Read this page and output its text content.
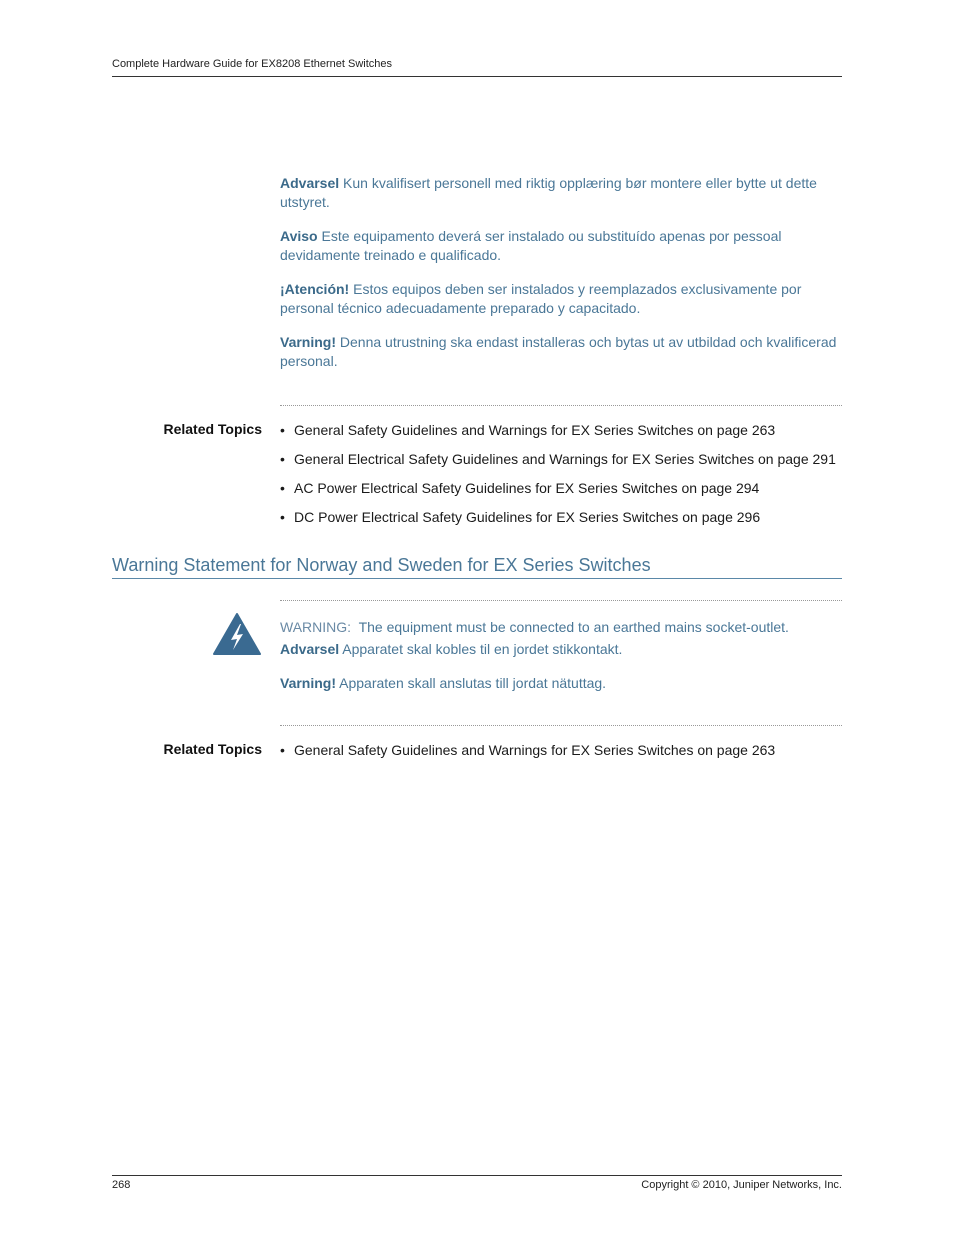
Complete Hardware Guide for EX8208 Ethernet Switches

Advarsel Kun kvalifisert personell med riktig opplæring bør montere eller bytte ut dette utstyret.

Aviso Este equipamento deverá ser instalado ou substituído apenas por pessoal devidamente treinado e qualificado.

¡Atención! Estos equipos deben ser instalados y reemplazados exclusivamente por personal técnico adecuadamente preparado y capacitado.

Varning! Denna utrustning ska endast installeras och bytas ut av utbildad och kvalificerad personal.

Related Topics • General Safety Guidelines and Warnings for EX Series Switches on page 263
• General Electrical Safety Guidelines and Warnings for EX Series Switches on page 291
• AC Power Electrical Safety Guidelines for EX Series Switches on page 294
• DC Power Electrical Safety Guidelines for EX Series Switches on page 296
Warning Statement for Norway and Sweden for EX Series Switches

WARNING: The equipment must be connected to an earthed mains socket-outlet.

Advarsel Apparatet skal kobles til en jordet stikkontakt.

Varning! Apparaten skall anslutas till jordat nätuttag.

Related Topics • General Safety Guidelines and Warnings for EX Series Switches on page 263
268	Copyright © 2010, Juniper Networks, Inc.
